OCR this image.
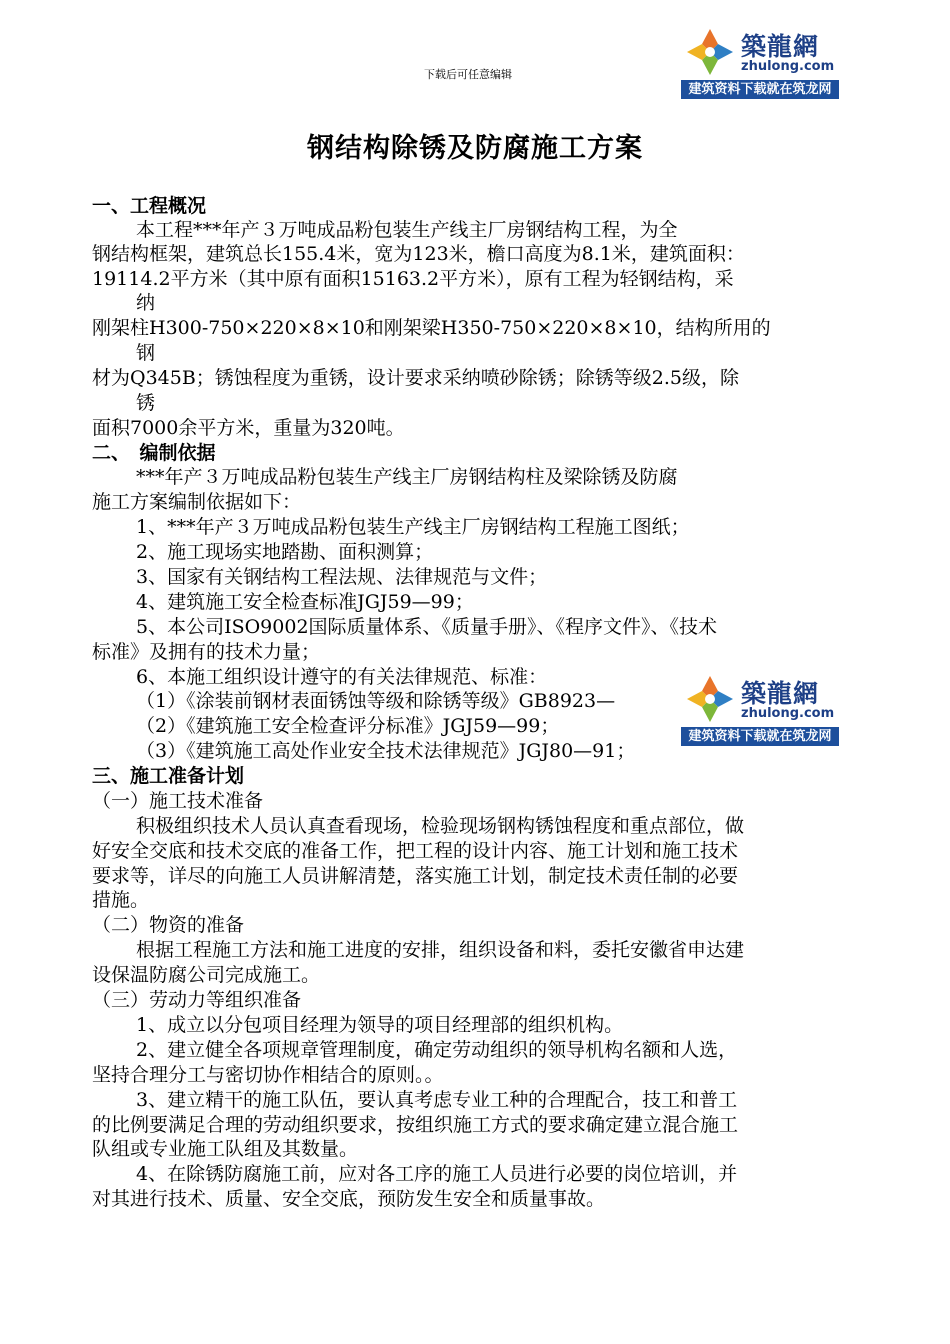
下载后可任意编辑
築龍網
zhulong.com
建筑资料下载就在筑龙网
钢结构除锈及防腐施工方案
一、工程概况
本工程***年产３万吨成品粉包装生产线主厂房钢结构工程，为全
钢结构框架，建筑总长155.4米，宽为123米，檐口高度为8.1米，建筑面积：
19114.2平方米（其中原有面积15163.2平方米），原有工程为轻钢结构，采
纳
刚架柱H300-750×220×8×10和刚架梁H350-750×220×8×10，结构所用的
钢
材为Q345B；锈蚀程度为重锈，设计要求采纳喷砂除锈；除锈等级2.5级，除
锈
面积7000余平方米，重量为320吨。
二、　编制依据
***年产３万吨成品粉包装生产线主厂房钢结构柱及梁除锈及防腐
施工方案编制依据如下：
1、***年产３万吨成品粉包装生产线主厂房钢结构工程施工图纸；
2、施工现场实地踏勘、面积测算；
3、国家有关钢结构工程法规、法律规范与文件；
4、建筑施工安全检查标准JGJ59—99；
5、本公司ISO9002国际质量体系、《质量手册》、《程序文件》、《技术
标准》及拥有的技术力量；
6、本施工组织设计遵守的有关法律规范、标准：
（1）《涂装前钢材表面锈蚀等级和除锈等级》GB8923—
（2）《建筑施工安全检查评分标准》JGJ59—99；
（3）《建筑施工高处作业安全技术法律规范》JGJ80—91；
三、施工准备计划
（一）施工技术准备
积极组织技术人员认真查看现场，检验现场钢构锈蚀程度和重点部位，做
好安全交底和技术交底的准备工作，把工程的设计内容、施工计划和施工技术
要求等，详尽的向施工人员讲解清楚，落实施工计划，制定技术责任制的必要
措施。
（二）物资的准备
根据工程施工方法和施工进度的安排，组织设备和料，委托安徽省申达建
设保温防腐公司完成施工。
（三）劳动力等组织准备
1、成立以分包项目经理为领导的项目经理部的组织机构。
2、建立健全各项规章管理制度，确定劳动组织的领导机构名额和人选，
坚持合理分工与密切协作相结合的原则。。
3、建立精干的施工队伍，要认真考虑专业工种的合理配合，技工和普工
的比例要满足合理的劳动组织要求，按组织施工方式的要求确定建立混合施工
队组或专业施工队组及其数量。
4、在除锈防腐施工前，应对各工序的施工人员进行必要的岗位培训，并
对其进行技术、质量、安全交底，预防发生安全和质量事故。
築龍網
zhulong.com
建筑资料下载就在筑龙网
